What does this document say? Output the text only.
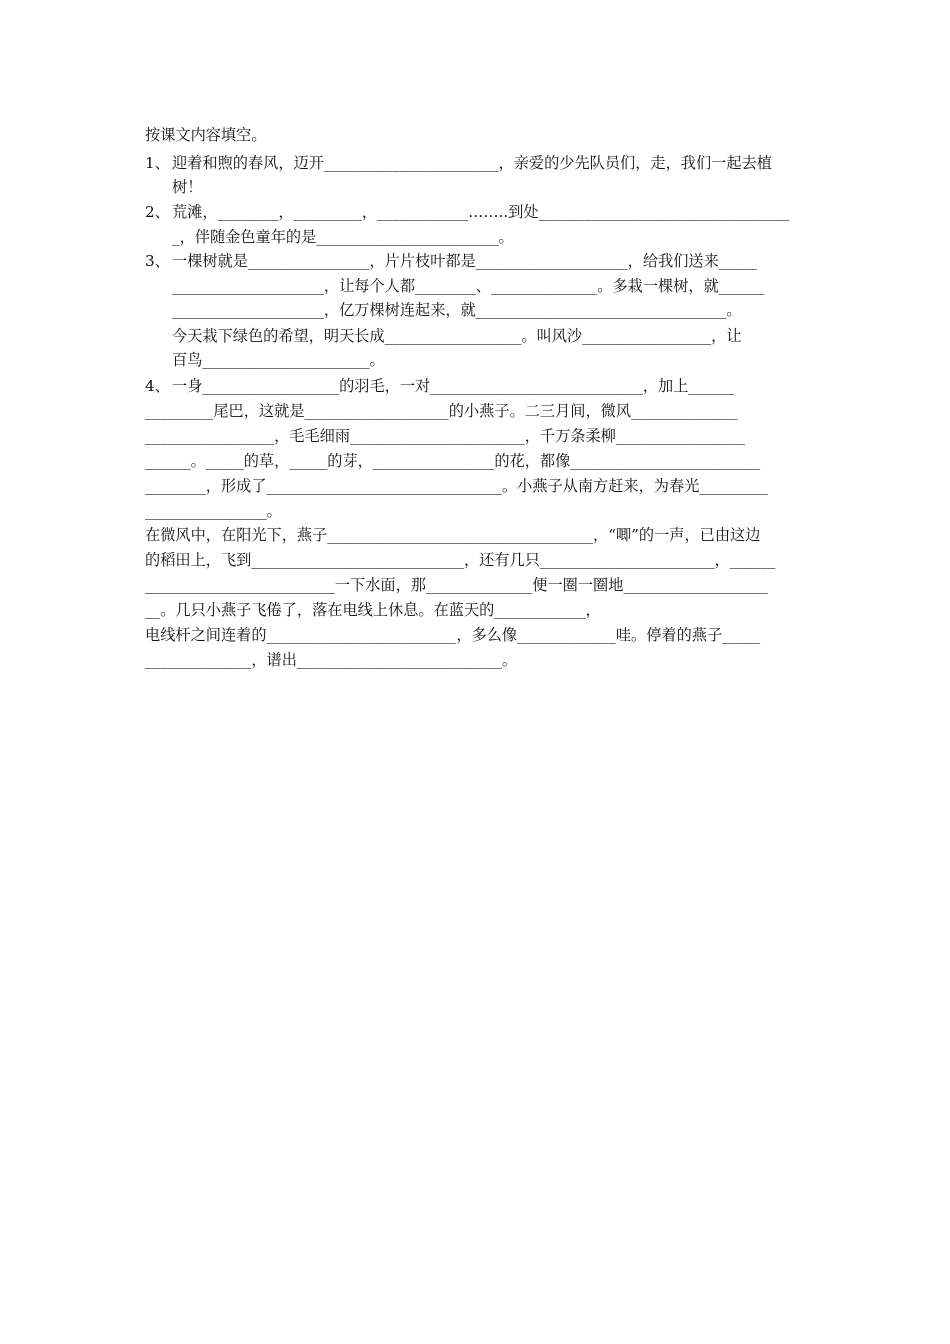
按课文内容填空。
1、 迎着和煦的春风，迈开_______________________，亲爱的少先队员们，走，我们一起去植
树！
2、 荒滩，________，_________，____________……..到处_________________________________
_，伴随金色童年的是________________________。
3、 一棵树就是________________，片片枝叶都是____________________，给我们送来_____
____________________，让每个人都________、______________。多栽一棵树，就______
____________________，亿万棵树连起来，就_________________________________。
今天栽下绿色的希望，明天长成__________________。叫风沙_________________，让
百鸟______________________。
4、 一身__________________的羽毛，一对____________________________，加上______
_________尾巴，这就是___________________的小燕子。二三月间，微风______________
_________________，毛毛细雨_______________________，千万条柔柳_________________
______。_____的草，_____的芽，________________的花，都像_________________________
________，形成了_______________________________。小燕子从南方赶来，为春光_________
________________。
在微风中，在阳光下，燕子___________________________________，“唧”的一声，已由这边
的稻田上，飞到____________________________，还有几只_______________________，______
_________________________一下水面，那______________便一圈一圈地___________________
__。几只小燕子飞倦了，落在电线上休息。在蓝天的____________，
电线杆之间连着的_________________________，多么像_____________哇。停着的燕子_____
______________，谱出___________________________。
